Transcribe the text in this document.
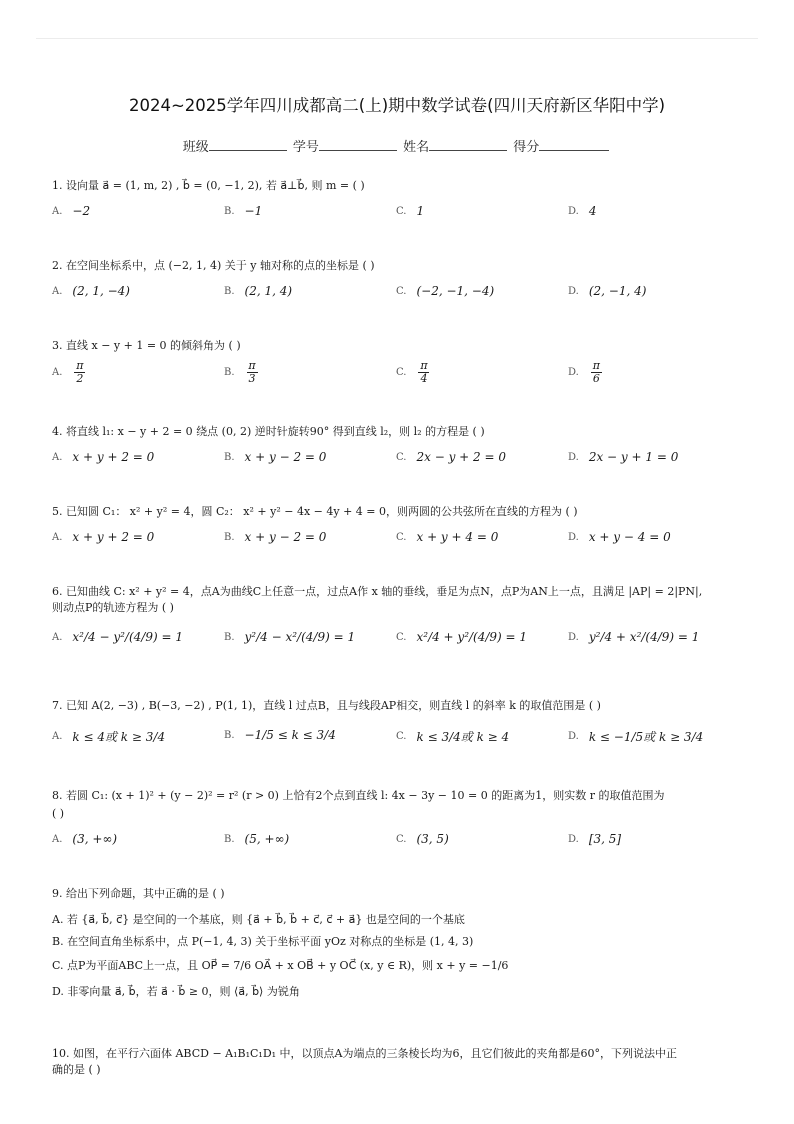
2024~2025学年四川成都高二(上)期中数学试卷(四川天府新区华阳中学)
班级	学号	姓名	得分
1. 设向量 a⃗ = (1, m, 2) , b⃗ = (0, −1, 2), 若 a⃗⊥b⃗, 则 m = ( )
A. −2	B. −1	C. 1	D. 4
2. 在空间坐标系中，点 (−2, 1, 4) 关于 y 轴对称的点的坐标是 ( )
A. (2, 1, −4)	B. (2, 1, 4)	C. (−2, −1, −4)	D. (2, −1, 4)
3. 直线 x − y + 1 = 0 的倾斜角为 ( )
A.
π
2	B.
π
3	C.
π
4	D.
π
6
4. 将直线 l₁: x − y + 2 = 0 绕点 (0, 2) 逆时针旋转90° 得到直线 l₂，则 l₂ 的方程是 ( )
A. x + y + 2 = 0	B. x + y − 2 = 0	C. 2x − y + 2 = 0	D. 2x − y + 1 = 0
5. 已知圆 C₁： x² + y² = 4，圆 C₂： x² + y² − 4x − 4y + 4 = 0，则两圆的公共弦所在直线的方程为 ( )
A. x + y + 2 = 0	B. x + y − 2 = 0	C. x + y + 4 = 0	D. x + y − 4 = 0
6. 已知曲线 C: x² + y² = 4，点A为曲线C上任意一点，过点A作 x 轴的垂线，垂足为点N，点P为AN上一点，且满足 |AP| = 2|PN|,
则动点P的轨迹方程为 ( )
A. x²/4 − y²/(4/9) = 1	B. y²/4 − x²/(4/9) = 1	C. x²/4 + y²/(4/9) = 1	D. y²/4 + x²/(4/9) = 1
7. 已知 A(2, −3) , B(−3, −2) , P(1, 1)，直线 l 过点B，且与线段AP相交，则直线 l 的斜率 k 的取值范围是 ( )
A. k ≤ 4或 k ≥ 3/4	B. −1/5 ≤ k ≤ 3/4	C. k ≤ 3/4或 k ≥ 4	D. k ≤ −1/5或 k ≥ 3/4
8. 若圆 C₁: (x + 1)² + (y − 2)² = r² (r > 0) 上恰有2个点到直线 l: 4x − 3y − 10 = 0 的距离为1，则实数 r 的取值范围为
( )
A. (3, +∞)	B. (5, +∞)	C. (3, 5)	D. [3, 5]
9. 给出下列命题，其中正确的是 ( )
A. 若 {a⃗, b⃗, c⃗} 是空间的一个基底，则 {a⃗ + b⃗, b⃗ + c⃗, c⃗ + a⃗} 也是空间的一个基底
B. 在空间直角坐标系中，点 P(−1, 4, 3) 关于坐标平面 yOz 对称点的坐标是 (1, 4, 3)
C. 点P为平面ABC上一点，且 OP⃗ = 7/6 OA⃗ + x OB⃗ + y OC⃗ (x, y ∈ R)，则 x + y = −1/6
D. 非零向量 a⃗, b⃗，若 a⃗ · b⃗ ≥ 0，则 ⟨a⃗, b⃗⟩ 为锐角
10. 如图，在平行六面体 ABCD − A₁B₁C₁D₁ 中，以顶点A为端点的三条棱长均为6，且它们彼此的夹角都是60°，下列说法中正
确的是 ( )
